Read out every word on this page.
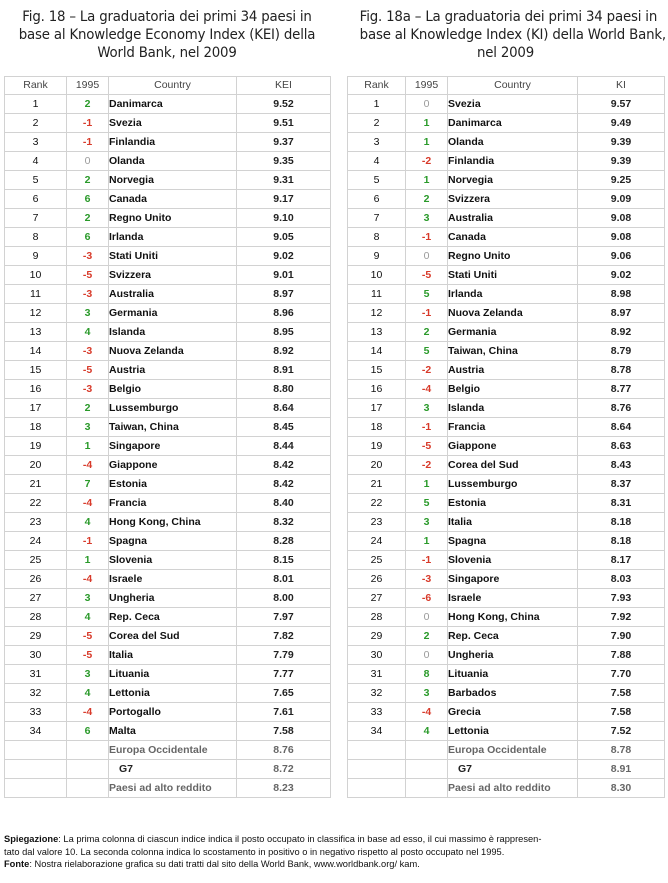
Fig. 18 – La graduatoria dei primi 34 paesi in
base al Knowledge Economy Index (KEI) della
World Bank, nel 2009
Rank	1995	Country	KEI
1	2	Danimarca	9.52
2	-1	Svezia	9.51
3	-1	Finlandia	9.37
4	0	Olanda	9.35
5	2	Norvegia	9.31
6	6	Canada	9.17
7	2	Regno Unito	9.10
8	6	Irlanda	9.05
9	-3	Stati Uniti	9.02
10	-5	Svizzera	9.01
11	-3	Australia	8.97
12	3	Germania	8.96
13	4	Islanda	8.95
14	-3	Nuova Zelanda	8.92
15	-5	Austria	8.91
16	-3	Belgio	8.80
17	2	Lussemburgo	8.64
18	3	Taiwan, China	8.45
19	1	Singapore	8.44
20	-4	Giappone	8.42
21	7	Estonia	8.42
22	-4	Francia	8.40
23	4	Hong Kong, China	8.32
24	-1	Spagna	8.28
25	1	Slovenia	8.15
26	-4	Israele	8.01
27	3	Ungheria	8.00
28	4	Rep. Ceca	7.97
29	-5	Corea del Sud	7.82
30	-5	Italia	7.79
31	3	Lituania	7.77
32	4	Lettonia	7.65
33	-4	Portogallo	7.61
34	6	Malta	7.58
		Europa Occidentale	8.76
		G7	8.72
		Paesi ad alto reddito	8.23
Fig. 18a – La graduatoria dei primi 34 paesi in
base al Knowledge Index (KI) della World Bank,
nel 2009
Rank	1995	Country	KI
1	0	Svezia	9.57
2	1	Danimarca	9.49
3	1	Olanda	9.39
4	-2	Finlandia	9.39
5	1	Norvegia	9.25
6	2	Svizzera	9.09
7	3	Australia	9.08
8	-1	Canada	9.08
9	0	Regno Unito	9.06
10	-5	Stati Uniti	9.02
11	5	Irlanda	8.98
12	-1	Nuova Zelanda	8.97
13	2	Germania	8.92
14	5	Taiwan, China	8.79
15	-2	Austria	8.78
16	-4	Belgio	8.77
17	3	Islanda	8.76
18	-1	Francia	8.64
19	-5	Giappone	8.63
20	-2	Corea del Sud	8.43
21	1	Lussemburgo	8.37
22	5	Estonia	8.31
23	3	Italia	8.18
24	1	Spagna	8.18
25	-1	Slovenia	8.17
26	-3	Singapore	8.03
27	-6	Israele	7.93
28	0	Hong Kong, China	7.92
29	2	Rep. Ceca	7.90
30	0	Ungheria	7.88
31	8	Lituania	7.70
32	3	Barbados	7.58
33	-4	Grecia	7.58
34	4	Lettonia	7.52
		Europa Occidentale	8.78
		G7	8.91
		Paesi ad alto reddito	8.30
Spiegazione: La prima colonna di ciascun indice indica il posto occupato in classifica in base ad esso, il cui massimo è rappresen-
tato dal valore 10. La seconda colonna indica lo scostamento in positivo o in negativo rispetto al posto occupato nel 1995.
Fonte: Nostra rielaborazione grafica su dati tratti dal sito della World Bank, www.worldbank.org/ kam.
